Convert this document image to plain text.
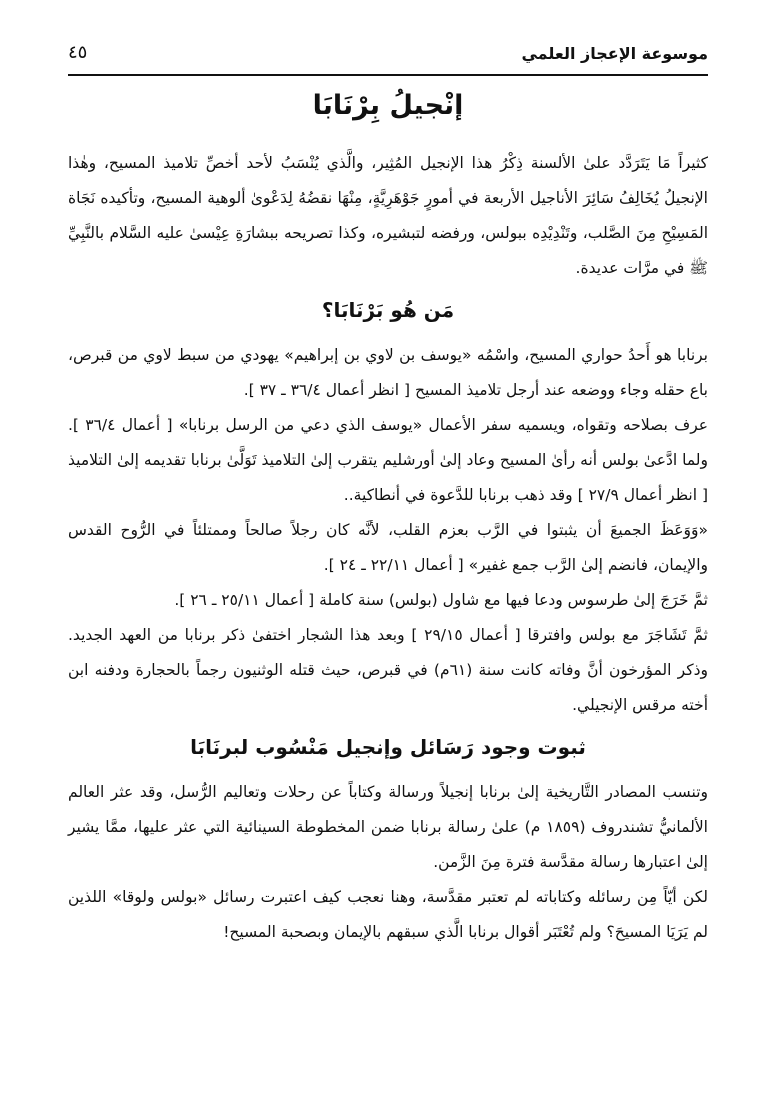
موسوعة الإعجاز العلمي
٤٥
إنْجيلُ بِرْنَابَا

كثيراً مَا يَتَرَدَّد علىٰ الألسنة ذِكْرُ هذا الإنجيل المُثِير، والَّذي يُنْسَبُ لأحد أخصِّ تلاميذ المسيح، وهٰذا الإنجيلُ يُخَالِفُ سَائِرَ الأناجيل الأربعة في أمورٍ جَوْهَرِيَّةٍ، مِنْهَا نقضُهُ لِدَعْوىٰ ألوهية المسيح، وتأكيده نَجَاة المَسِيْحِ مِنَ الصَّلب، وتَنْدِيْدِه ببولس، ورفضه لتبشيره، وكذا تصريحه ببشارَةِ عِيْسىٰ عليه السَّلام بالنَّبِيِّ ﷺ في مرَّات عديدة.

مَن هُو بَرْنَابَا؟

برنابا هو أَحدُ حواري المسيح، واسْمُه «يوسف بن لاوي بن إبراهيم» يهودي من سبط لاوي من قبرص، باع حقله وجاء ووضعه عند أرجل تلاميذ المسيح [ انظر أعمال ٣٦/٤ ـ ٣٧ ].

عرف بصلاحه وتقواه، ويسميه سفر الأعمال «يوسف الذي دعي من الرسل برنابا» [ أعمال ٣٦/٤ ]. ولما ادَّعىٰ بولس أنه رأىٰ المسيح وعاد إلىٰ أورشليم يتقرب إلىٰ التلاميذ تَوَلَّىٰ برنابا تقديمه إلىٰ التلاميذ [ انظر أعمال ٢٧/٩ ] وقد ذهب برنابا للدَّعوة في أنطاكية..

«وَوَعَظَ الجميعَ أن يثبتوا في الرَّب بعزم القلب، لأنَّه كان رجلاً صالحاً وممتلئاً في الرُّوح القدس والإيمان، فانضم إلىٰ الرَّب جمع غفير» [ أعمال ٢٢/١١ ـ ٢٤ ].

ثمَّ خَرَجَ إلىٰ طرسوس ودعا فيها مع شاول (بولس) سنة كاملة [ أعمال ٢٥/١١ ـ ٢٦ ].

ثمَّ تَشَاجَرَ مع بولس وافترقا [ أعمال ٢٩/١٥ ] وبعد هذا الشجار اختفىٰ ذكر برنابا من العهد الجديد. وذكر المؤرخون أنَّ وفاته كانت سنة (٦١م) في قبرص، حيث قتله الوثنيون رجماً بالحجارة ودفنه ابن أخته مرقس الإنجيلي.

ثبوت وجود رَسَائل وإنجيل مَنْسُوب لبرنَابَا

وتنسب المصادر التَّاريخية إلىٰ برنابا إنجيلاً ورسالة وكتاباً عن رحلات وتعاليم الرُّسل، وقد عثر العالم الألمانيُّ تشندروف (١٨٥٩ م) علىٰ رسالة برنابا ضمن المخطوطة السينائية التي عثر عليها، ممَّا يشير إلىٰ اعتبارها رسالة مقدَّسة فترة مِنَ الزَّمن.

لكن أيّاً مِن رسائله وكتاباته لم تعتبر مقدَّسة، وهنا نعجب كيف اعتبرت رسائل «بولس ولوقا» اللذين لم يَرَيَا المسيحَ؟ ولم تُعْتَبَر أقوال برنابا الَّذي سبقهم بالإيمان وبصحبة المسيح!
